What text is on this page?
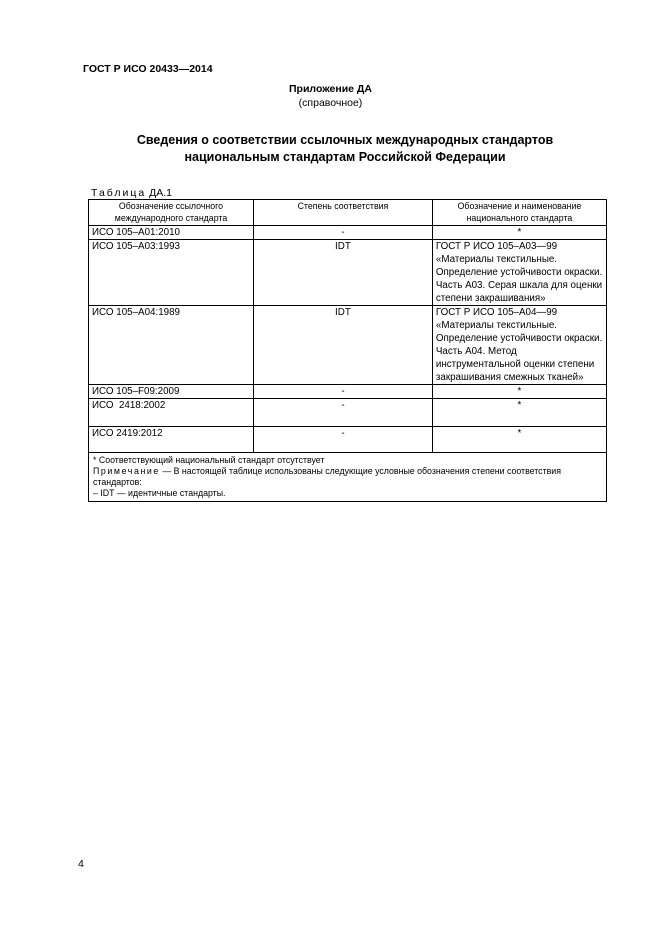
ГОСТ Р ИСО 20433—2014
Приложение ДА
(справочное)
Сведения о соответствии ссылочных международных стандартов
национальным стандартам Российской Федерации
Таблица ДА.1
Обозначение ссылочного международного стандарта	Степень соответствия	Обозначение и наименование национального стандарта
ИСО 105–A01:2010	-	*
ИСО 105–A03:1993	IDT	ГОСТ Р ИСО 105–A03—99 «Материалы текстильные. Определение устойчивости окраски. Часть А03. Серая шкала для оценки степени закрашивания»
ИСО 105–A04:1989	IDT	ГОСТ Р ИСО 105–A04—99 «Материалы текстильные. Определение устойчивости окраски. Часть А04. Метод инструментальной оценки степени закрашивания смежных тканей»
ИСО 105–F09:2009	-	*
ИСО  2418:2002	-	*
ИСО 2419:2012	-	*

* Соответствующий национальный стандарт отсутствует
Примечание — В настоящей таблице использованы следующие условные обозначения степени соответствия стандартов:
– IDT — идентичные стандарты.		
4
